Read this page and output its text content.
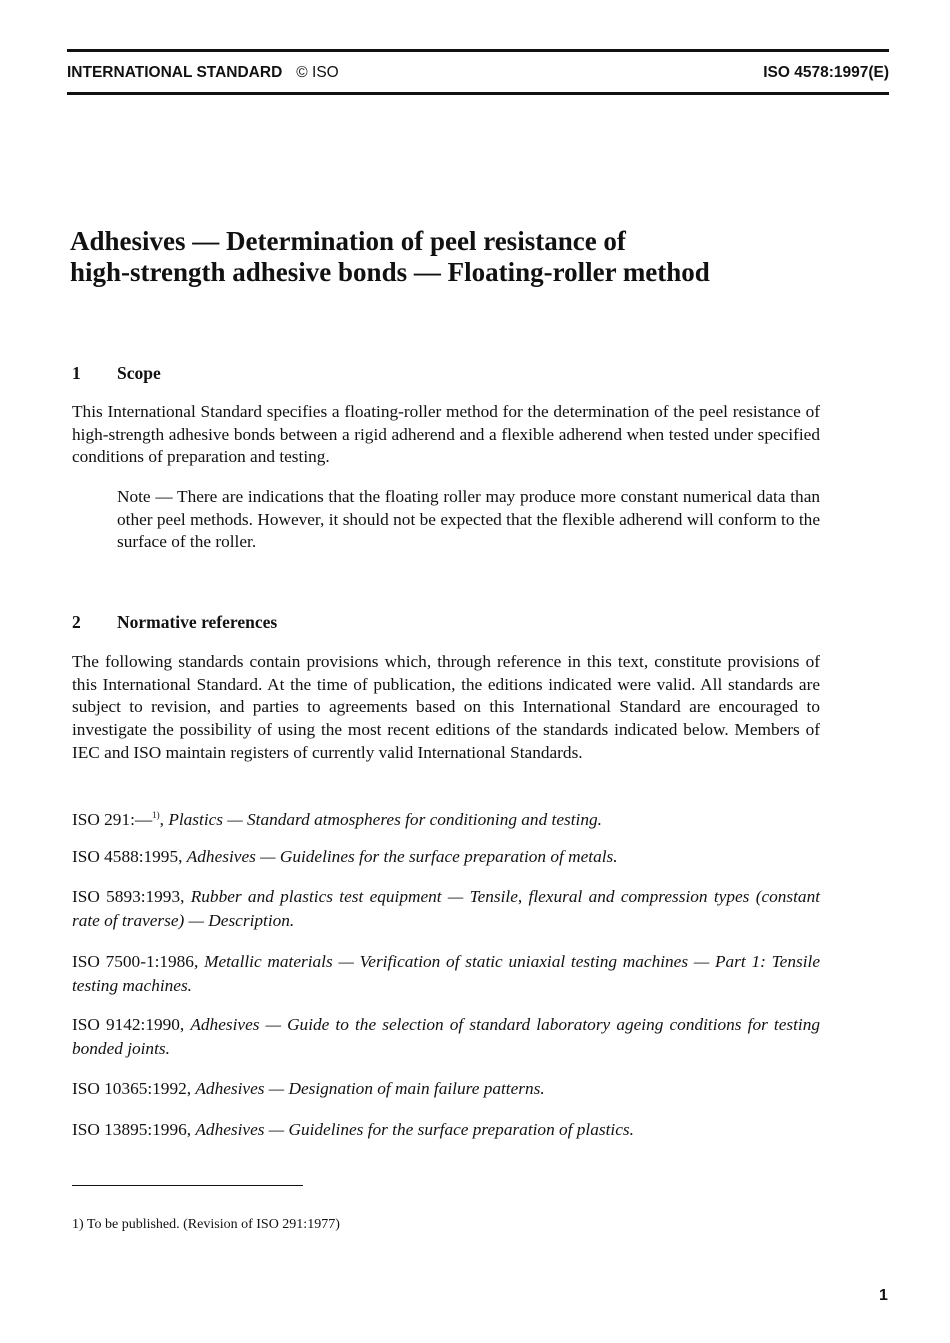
INTERNATIONAL STANDARD © ISO	ISO 4578:1997(E)
Adhesives — Determination of peel resistance of
high-strength adhesive bonds — Floating-roller method
1 Scope
This International Standard specifies a floating-roller method for the determination of the peel resistance of high-strength adhesive bonds between a rigid adherend and a flexible adherend when tested under specified conditions of preparation and testing.
Note — There are indications that the floating roller may produce more constant numerical data than other peel methods. However, it should not be expected that the flexible adherend will conform to the surface of the roller.
2 Normative references
The following standards contain provisions which, through reference in this text, constitute provisions of this International Standard. At the time of publication, the editions indicated were valid. All standards are subject to revision, and parties to agreements based on this International Standard are encouraged to investigate the possibility of using the most recent editions of the standards indicated below. Members of IEC and ISO maintain registers of currently valid International Standards.
ISO 291:—$^{1)}$, Plastics — Standard atmospheres for conditioning and testing.
ISO 4588:1995, Adhesives — Guidelines for the surface preparation of metals.
ISO 5893:1993, Rubber and plastics test equipment — Tensile, flexural and compression types (constant rate of traverse) — Description.
ISO 7500-1:1986, Metallic materials — Verification of static uniaxial testing machines — Part 1: Tensile testing machines.
ISO 9142:1990, Adhesives — Guide to the selection of standard laboratory ageing conditions for testing bonded joints.
ISO 10365:1992, Adhesives — Designation of main failure patterns.
ISO 13895:1996, Adhesives — Guidelines for the surface preparation of plastics.
1) To be published. (Revision of ISO 291:1977)
1
